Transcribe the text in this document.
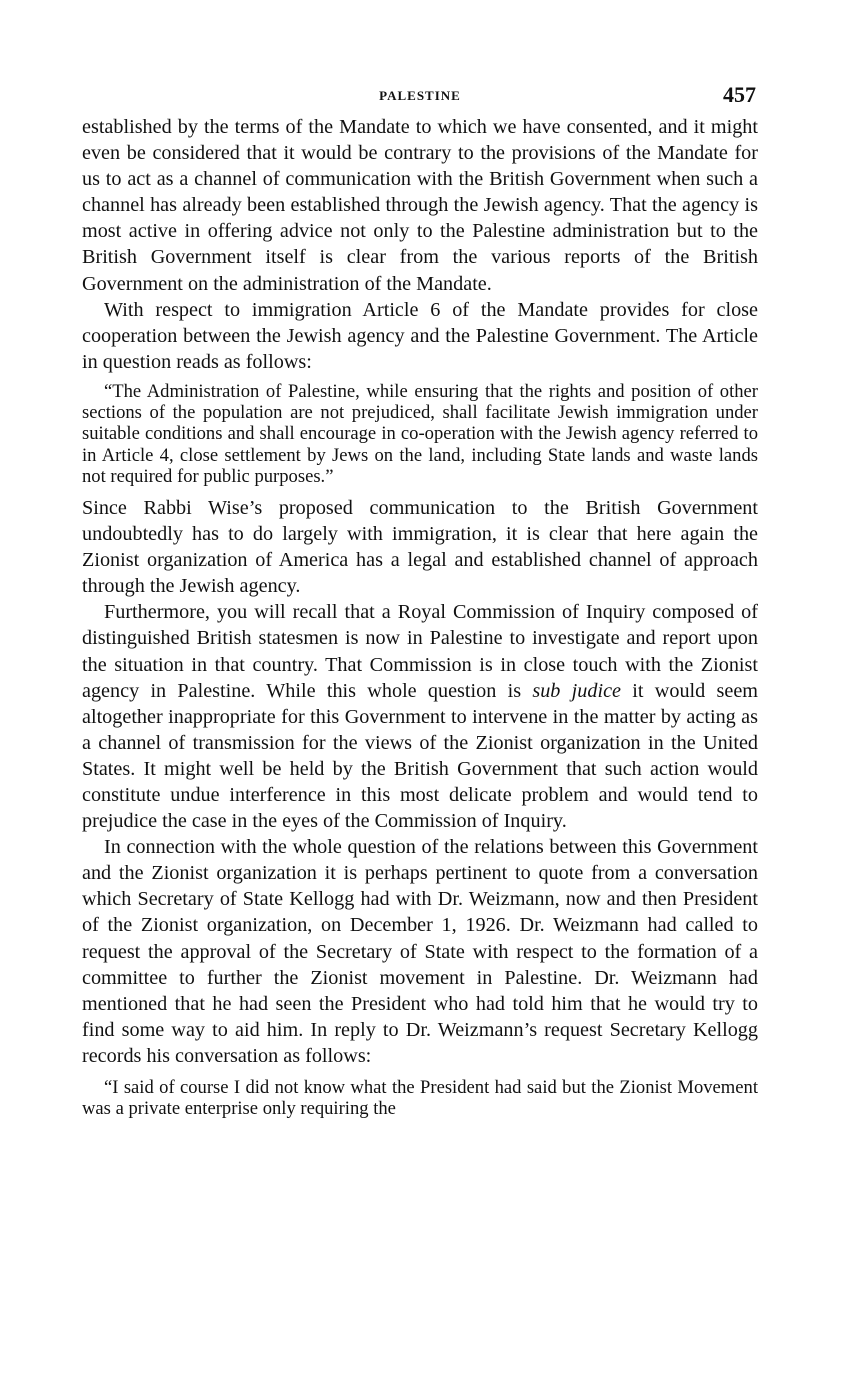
PALESTINE	457

established by the terms of the Mandate to which we have consented, and it might even be considered that it would be contrary to the provisions of the Mandate for us to act as a channel of communication with the British Government when such a channel has already been established through the Jewish agency. That the agency is most active in offering advice not only to the Palestine administration but to the British Government itself is clear from the various reports of the British Government on the administration of the Mandate.

With respect to immigration Article 6 of the Mandate provides for close cooperation between the Jewish agency and the Palestine Government. The Article in question reads as follows:

“The Administration of Palestine, while ensuring that the rights and position of other sections of the population are not prejudiced, shall facilitate Jewish immigration under suitable conditions and shall encourage in co-operation with the Jewish agency referred to in Article 4, close settlement by Jews on the land, including State lands and waste lands not required for public purposes.”

Since Rabbi Wise’s proposed communication to the British Government undoubtedly has to do largely with immigration, it is clear that here again the Zionist organization of America has a legal and established channel of approach through the Jewish agency.

Furthermore, you will recall that a Royal Commission of Inquiry composed of distinguished British statesmen is now in Palestine to investigate and report upon the situation in that country. That Commission is in close touch with the Zionist agency in Palestine. While this whole question is sub judice it would seem altogether inappropriate for this Government to intervene in the matter by acting as a channel of transmission for the views of the Zionist organization in the United States. It might well be held by the British Government that such action would constitute undue interference in this most delicate problem and would tend to prejudice the case in the eyes of the Commission of Inquiry.

In connection with the whole question of the relations between this Government and the Zionist organization it is perhaps pertinent to quote from a conversation which Secretary of State Kellogg had with Dr. Weizmann, now and then President of the Zionist organization, on December 1, 1926. Dr. Weizmann had called to request the approval of the Secretary of State with respect to the formation of a committee to further the Zionist movement in Palestine. Dr. Weizmann had mentioned that he had seen the President who had told him that he would try to find some way to aid him. In reply to Dr. Weizmann’s request Secretary Kellogg records his conversation as follows:

“I said of course I did not know what the President had said but the Zionist Movement was a private enterprise only requiring the
